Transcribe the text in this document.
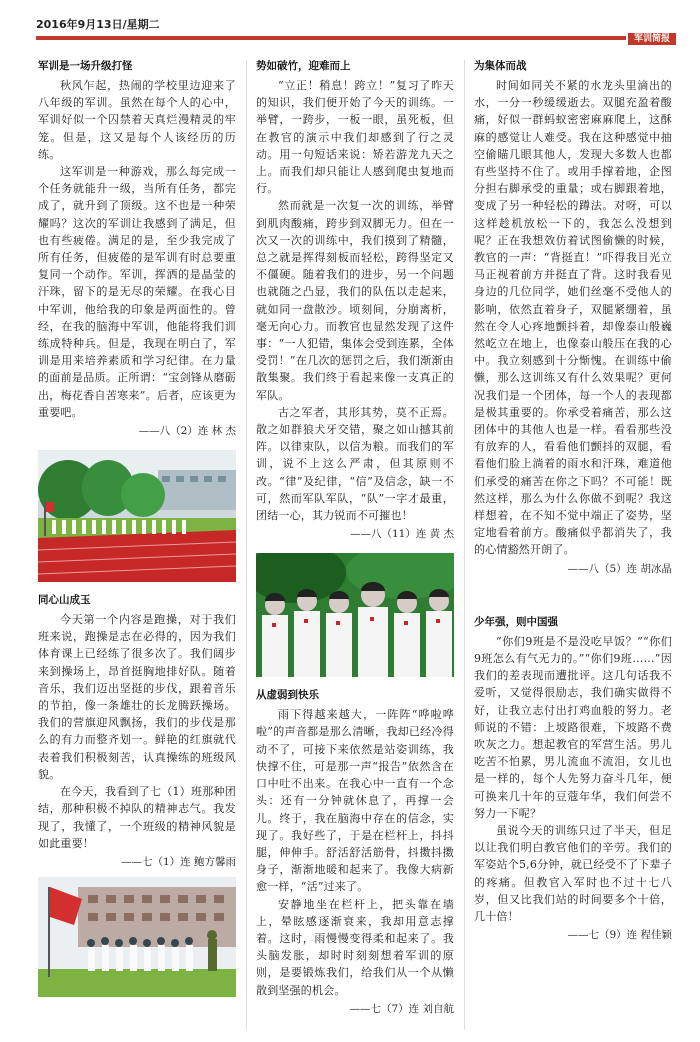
2016年9月13日/星期二
军训简报
军训是一场升级打怪

秋风乍起，热闹的学校里边迎来了八年级的军训。虽然在每个人的心中，军训好似一个囚禁着天真烂漫精灵的牢笼。但是，这又是每个人该经历的历练。

这军训是一种游戏，那么每完成一个任务就能升一级，当所有任务，都完成了，就升到了顶级。这不也是一种荣耀吗？这次的军训让我感到了满足，但也有些疲倦。满足的是，至少我完成了所有任务，但疲倦的是军训有时总要重复同一个动作。军训，挥洒的是晶莹的汗珠，留下的是无尽的荣耀。在我心目中军训，他给我的印象是两面性的。曾经，在我的脑海中军训，他能将我们训练成特种兵。但是，我现在明白了，军训是用来培养素质和学习纪律。在力量的面前是品质。正所谓：“宝剑锋从磨砺出，梅花香自苦寒来”。后者，应该更为重要吧。

——八（2）连 林 杰
同心山成玉

今天第一个内容是跑操，对于我们班来说，跑操是志在必得的，因为我们体育课上已经练了很多次了。我们阔步来到操场上，昂首挺胸地排好队。随着音乐，我们迈出坚挺的步伐，跟着音乐的节拍，像一条雄壮的长龙腾跃操场。我们的营旗迎风飘扬，我们的步伐是那么的有力而整齐划一。鲜艳的红旗就代表着我们积极刻苦，认真操练的班级风貌。

在今天，我看到了七（1）班那种团结，那种积极不掉队的精神志气。我发现了，我懂了，一个班级的精神风貌是如此重要！

——七（1）连 鲍方馨雨
势如破竹，迎难而上

“立正！稍息！跨立！”复习了昨天的知识，我们便开始了今天的训练。一举臂，一跨步，一板一眼，虽死板，但在教官的演示中我们却感到了行之灵动。用一句短话来说：矫若游龙九天之上。而我们却只能让人感到爬虫复地而行。

然而就是一次复一次的训练，举臂到肌肉酸痛，跨步到双脚无力。但在一次又一次的训练中，我们摸到了精髓，总之就是挥得刻板而轻松，跨得坚定又不僵硬。随着我们的进步，另一个问题也就随之凸显，我们的队伍以走起来，就如同一盘散沙。顷刻间，分崩离析，毫无向心力。而教官也显然发现了这件事：“一人犯错，集体会受到连累，全体受罚！”在几次的惩罚之后，我们渐渐由散集聚。我们终于看起来像一支真正的军队。

古之军者，其形其势，莫不正焉。散之如群狼犬牙交错，聚之如山撼其前阵。以律束队，以信为粮。而我们的军训，说不上这么严肃，但其原则不改。“律”及纪律，“信”及信念，缺一不可，然而军队军队，“队”一字才最重，团结一心，其力锐而不可摧也！

——八（11）连 黄 杰
从虚弱到快乐

雨下得越来越大，一阵阵“哗啦哗啦”的声音都是那么清晰，我却已经冷得动不了，可接下来依然是站姿训练，我快撑不住，可是那一声“报告”依然含在口中吐不出来。在我心中一直有一个念头：还有一分钟就休息了，再撑一会儿。终于，我在脑海中存在的信念，实现了。我好些了，于是在栏杆上，抖抖腿，伸伸手。舒活舒活筋骨，抖擞抖擞身子，渐渐地暖和起来了。我像大病新愈一样，“活”过来了。

安静地坐在栏杆上，把头靠在墙上，晕眩感逐渐衰来，我却用意志撑着。这时，雨慢慢变得柔和起来了。我头脑发胀，却时时刻刻想着军训的原则，是要锻炼我们，给我们从一个从懒散到坚强的机会。

——七（7）连 刘自航
为集体而战

时间如同关不紧的水龙头里滴出的水，一分一秒缓缓逝去。双腿充盈着酸痛，好似一群蚂蚁密密麻麻爬上，这酥麻的感觉让人难受。我在这种感觉中抽空偷瞄几眼其他人，发现大多数人也都有些坚持不住了。或用手撑着地，企图分担右脚承受的重量；或右脚跟着地，变成了另一种轻松的蹲法。对呀，可以这样趁机放松一下的，我怎么没想到呢？正在我想效仿着试图偷懒的时候，教官的一声：“背挺直！”吓得我目光立马正视着前方并挺直了背。这时我看见身边的几位同学，她们丝毫不受他人的影响，依然直着身子，双腿紧绷着，虽然在令人心疼地颤抖着，却像泰山般巍然屹立在地上，也像泰山般压在我的心中。我立刻感到十分惭愧。在训练中偷懒，那么这训练又有什么效果呢？更何况我们是一个团体，每一个人的表现都是极其重要的。你承受着痛苦，那么这团体中的其他人也是一样。看看那些没有放弃的人，看看他们颤抖的双腿，看看他们脸上淌着的雨水和汗珠，难道他们承受的痛苦在你之下吗？不可能！既然这样，那么为什么你做不到呢？我这样想着，在不知不觉中端正了姿势，坚定地看着前方。酸痛似乎都消失了，我的心情豁然开朗了。

——八（5）连 胡冰晶
少年强，则中国强

“你们9班是不是没吃早饭？”“你们9班怎么有气无力的。”“你们9班……”因我们的差表现而遭批评。这几句话我不爱听，又觉得很励志，我们确实做得不好，让我立志付出打鸡血般的努力。老师说的不错：上坡路很难，下坡路不费吹灰之力。想起教官的军营生活。男儿吃苦不怕累，男儿流血不流泪，女儿也是一样的，每个人先努力奋斗几年，便可换来几十年的豆蔻年华，我们何尝不努力一下呢？

虽说今天的训练只过了半天，但足以让我们明白教官他们的辛劳。我们的军姿站个5,6分钟，就已经受不了下辈子的疼痛。但教官入军时也不过十七八岁，但又比我们站的时间要多个十倍，几十倍！

——七（9）连 程佳颖
